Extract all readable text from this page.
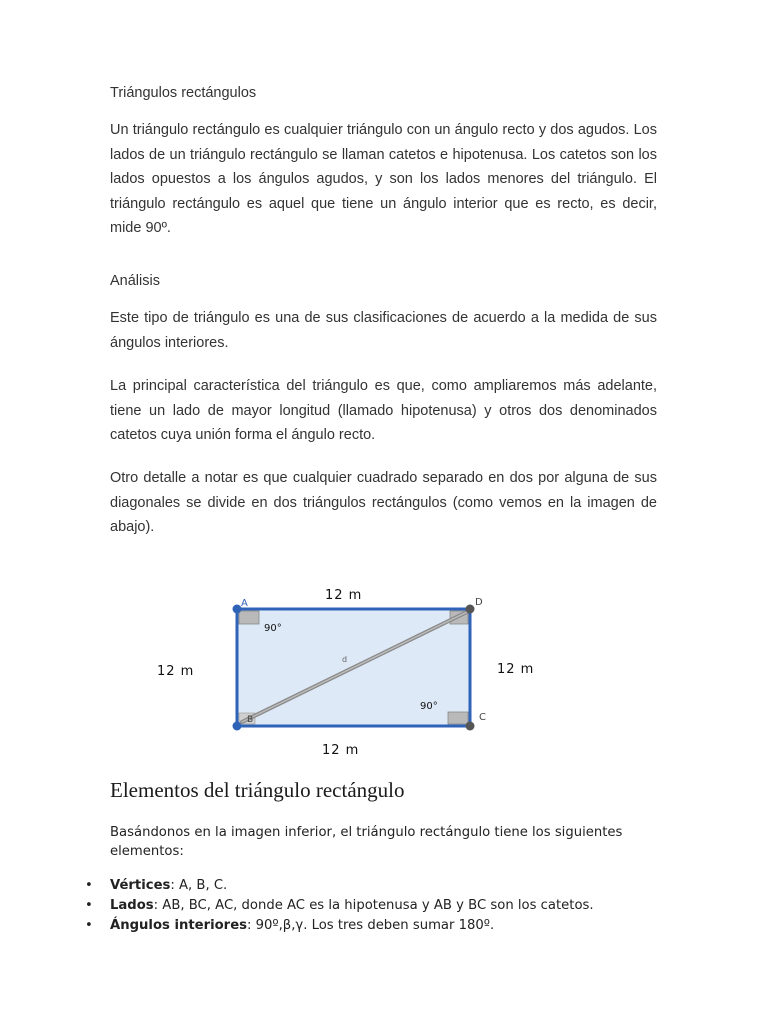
Triángulos rectángulos

Un triángulo rectángulo es cualquier triángulo con un ángulo recto y dos agudos. Los lados de un triángulo rectángulo se llaman catetos e hipotenusa. Los catetos son los lados opuestos a los ángulos agudos, y son los lados menores del triángulo. El triángulo rectángulo es aquel que tiene un ángulo interior que es recto, es decir, mide 90º.

Análisis

Este tipo de triángulo es una de sus clasificaciones de acuerdo a la medida de sus ángulos interiores.

La principal característica del triángulo es que, como ampliaremos más adelante, tiene un lado de mayor longitud (llamado hipotenusa) y otros dos denominados catetos cuya unión forma el ángulo recto.

Otro detalle a notar es que cualquier cuadrado separado en dos por alguna de sus diagonales se divide en dos triángulos rectángulos (como vemos en la imagen de abajo).

12 m
12 m
12 m	12 m
A
B	C
D
d
90°
90°
Elementos del triángulo rectángulo

Basándonos en la imagen inferior, el triángulo rectángulo tiene los siguientes elementos:

• Vértices: A, B, C.
• Lados: AB, BC, AC, donde AC es la hipotenusa y AB y BC son los catetos.
• Ángulos interiores: 90º,β,γ. Los tres deben sumar 180º.
